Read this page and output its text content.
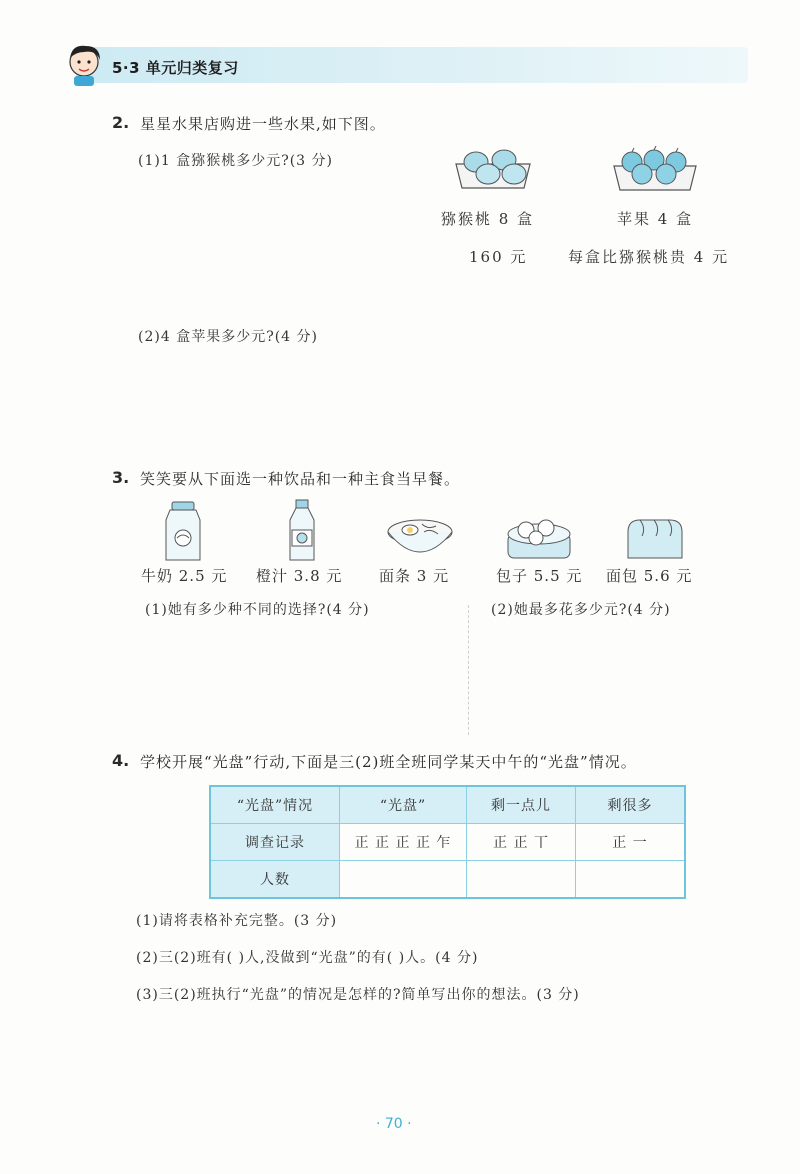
5·3 单元归类复习
2. 星星水果店购进一些水果,如下图。
(1)1 盒猕猴桃多少元?(3 分)
猕猴桃 8 盒
160 元
苹果 4 盒
每盒比猕猴桃贵 4 元
(2)4 盒苹果多少元?(4 分)
3. 笑笑要从下面选一种饮品和一种主食当早餐。
牛奶 2.5 元 橙汁 3.8 元 面条 3 元	包子 5.5 元 面包 5.6 元
(1)她有多少种不同的选择?(4 分)	(2)她最多花多少元?(4 分)
4. 学校开展“光盘”行动,下面是三(2)班全班同学某天中午的“光盘”情况。
“光盘”情况	“光盘”	剩一点儿	剩很多
调查记录	正 正 正 正 乍	正 正 丅	正 一
人数			
(1)请将表格补充完整。(3 分)
(2)三(2)班有( )人,没做到“光盘”的有( )人。(4 分)
(3)三(2)班执行“光盘”的情况是怎样的?简单写出你的想法。(3 分)
· 70 ·
